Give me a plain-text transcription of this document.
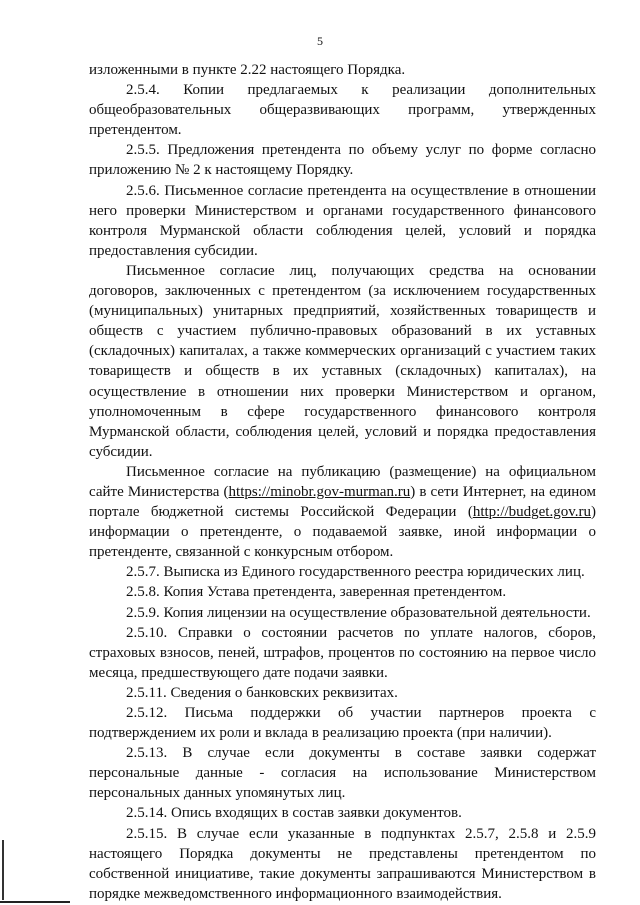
5

изложенными в пункте 2.22 настоящего Порядка.

2.5.4. Копии предлагаемых к реализации дополнительных общеобразовательных общеразвивающих программ, утвержденных претендентом.

2.5.5. Предложения претендента по объему услуг по форме согласно приложению № 2 к настоящему Порядку.

2.5.6. Письменное согласие претендента на осуществление в отношении него проверки Министерством и органами государственного финансового контроля Мурманской области соблюдения целей, условий и порядка предоставления субсидии.

Письменное согласие лиц, получающих средства на основании договоров, заключенных с претендентом (за исключением государственных (муниципальных) унитарных предприятий, хозяйственных товариществ и обществ с участием публично-правовых образований в их уставных (складочных) капиталах, а также коммерческих организаций с участием таких товариществ и обществ в их уставных (складочных) капиталах), на осуществление в отношении них проверки Министерством и органом, уполномоченным в сфере государственного финансового контроля Мурманской области, соблюдения целей, условий и порядка предоставления субсидии.

Письменное согласие на публикацию (размещение) на официальном сайте Министерства (https://minobr.gov-murman.ru) в сети Интернет, на едином портале бюджетной системы Российской Федерации (http://budget.gov.ru) информации о претенденте, о подаваемой заявке, иной информации о претенденте, связанной с конкурсным отбором.

2.5.7. Выписка из Единого государственного реестра юридических лиц.

2.5.8. Копия Устава претендента, заверенная претендентом.

2.5.9. Копия лицензии на осуществление образовательной деятельности.

2.5.10. Справки о состоянии расчетов по уплате налогов, сборов, страховых взносов, пеней, штрафов, процентов по состоянию на первое число месяца, предшествующего дате подачи заявки.

2.5.11. Сведения о банковских реквизитах.

2.5.12. Письма поддержки об участии партнеров проекта с подтверждением их роли и вклада в реализацию проекта (при наличии).

2.5.13. В случае если документы в составе заявки содержат персональные данные - согласия на использование Министерством персональных данных упомянутых лиц.

2.5.14. Опись входящих в состав заявки документов.

2.5.15. В случае если указанные в подпунктах 2.5.7, 2.5.8 и 2.5.9 настоящего Порядка документы не представлены претендентом по собственной инициативе, такие документы запрашиваются Министерством в порядке межведомственного информационного взаимодействия.
